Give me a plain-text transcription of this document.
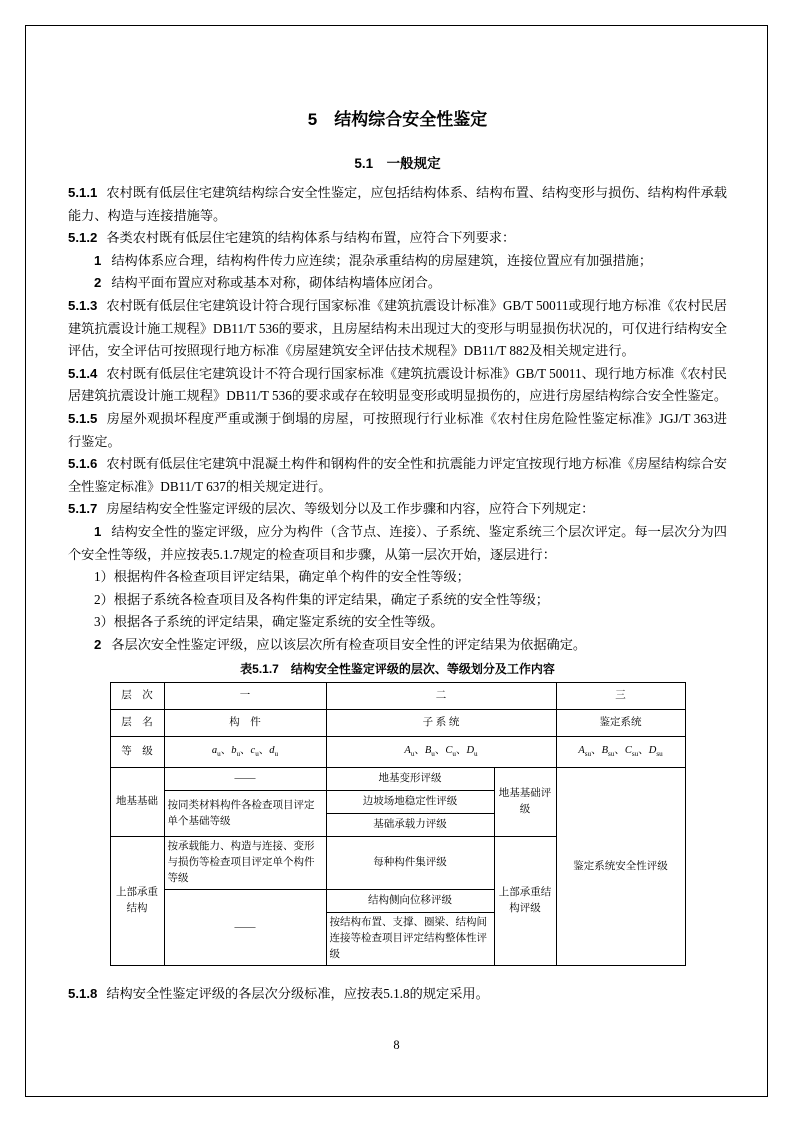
5　结构综合安全性鉴定
5.1　一般规定

5.1.1 农村既有低层住宅建筑结构综合安全性鉴定，应包括结构体系、结构布置、结构变形与损伤、结构构件承载能力、构造与连接措施等。

5.1.2 各类农村既有低层住宅建筑的结构体系与结构布置，应符合下列要求：

1 结构体系应合理，结构构件传力应连续；混杂承重结构的房屋建筑，连接位置应有加强措施；

2 结构平面布置应对称或基本对称，砌体结构墙体应闭合。

5.1.3 农村既有低层住宅建筑设计符合现行国家标准《建筑抗震设计标准》GB/T 50011或现行地方标准《农村民居建筑抗震设计施工规程》DB11/T 536的要求，且房屋结构未出现过大的变形与明显损伤状况的，可仅进行结构安全评估，安全评估可按照现行地方标准《房屋建筑安全评估技术规程》DB11/T 882及相关规定进行。

5.1.4 农村既有低层住宅建筑设计不符合现行国家标准《建筑抗震设计标准》GB/T 50011、现行地方标准《农村民居建筑抗震设计施工规程》DB11/T 536的要求或存在较明显变形或明显损伤的，应进行房屋结构综合安全性鉴定。

5.1.5 房屋外观损坏程度严重或濒于倒塌的房屋，可按照现行行业标准《农村住房危险性鉴定标准》JGJ/T 363进行鉴定。

5.1.6 农村既有低层住宅建筑中混凝土构件和钢构件的安全性和抗震能力评定宜按现行地方标准《房屋结构综合安全性鉴定标准》DB11/T 637的相关规定进行。

5.1.7 房屋结构安全性鉴定评级的层次、等级划分以及工作步骤和内容，应符合下列规定：

1 结构安全性的鉴定评级，应分为构件（含节点、连接）、子系统、鉴定系统三个层次评定。每一层次分为四个安全性等级，并应按表5.1.7规定的检查项目和步骤，从第一层次开始，逐层进行：

1）根据构件各检查项目评定结果，确定单个构件的安全性等级；

2）根据子系统各检查项目及各构件集的评定结果，确定子系统的安全性等级；

3）根据各子系统的评定结果，确定鉴定系统的安全性等级。

2 各层次安全性鉴定评级，应以该层次所有检查项目安全性的评定结果为依据确定。

表5.1.7　结构安全性鉴定评级的层次、等级划分及工作内容
层　次	一	二		三
层　名	构　件	子 系 统		鉴定系统
等　级	$a_u$、$b_u$、$c_u$、$d_u$	$A_u$、$B_u$、$C_u$、$D_u$		$A_{su}$、$B_{su}$、$C_{su}$、$D_{su}$
地基基础	——	地基变形评级	地基基础评级	鉴定系统安全性评级
	按同类材料构件各检查项目评定单个基础等级	边坡场地稳定性评级		
		基础承载力评级		
上部承重结构	按承载能力、构造与连接、变形与损伤等检查项目评定单个构件等级	每种构件集评级	上部承重结构评级	
	——	结构侧向位移评级		
		按结构布置、支撑、圈梁、结构间连接等检查项目评定结构整体性评级		

5.1.8 结构安全性鉴定评级的各层次分级标准，应按表5.1.8的规定采用。

8
